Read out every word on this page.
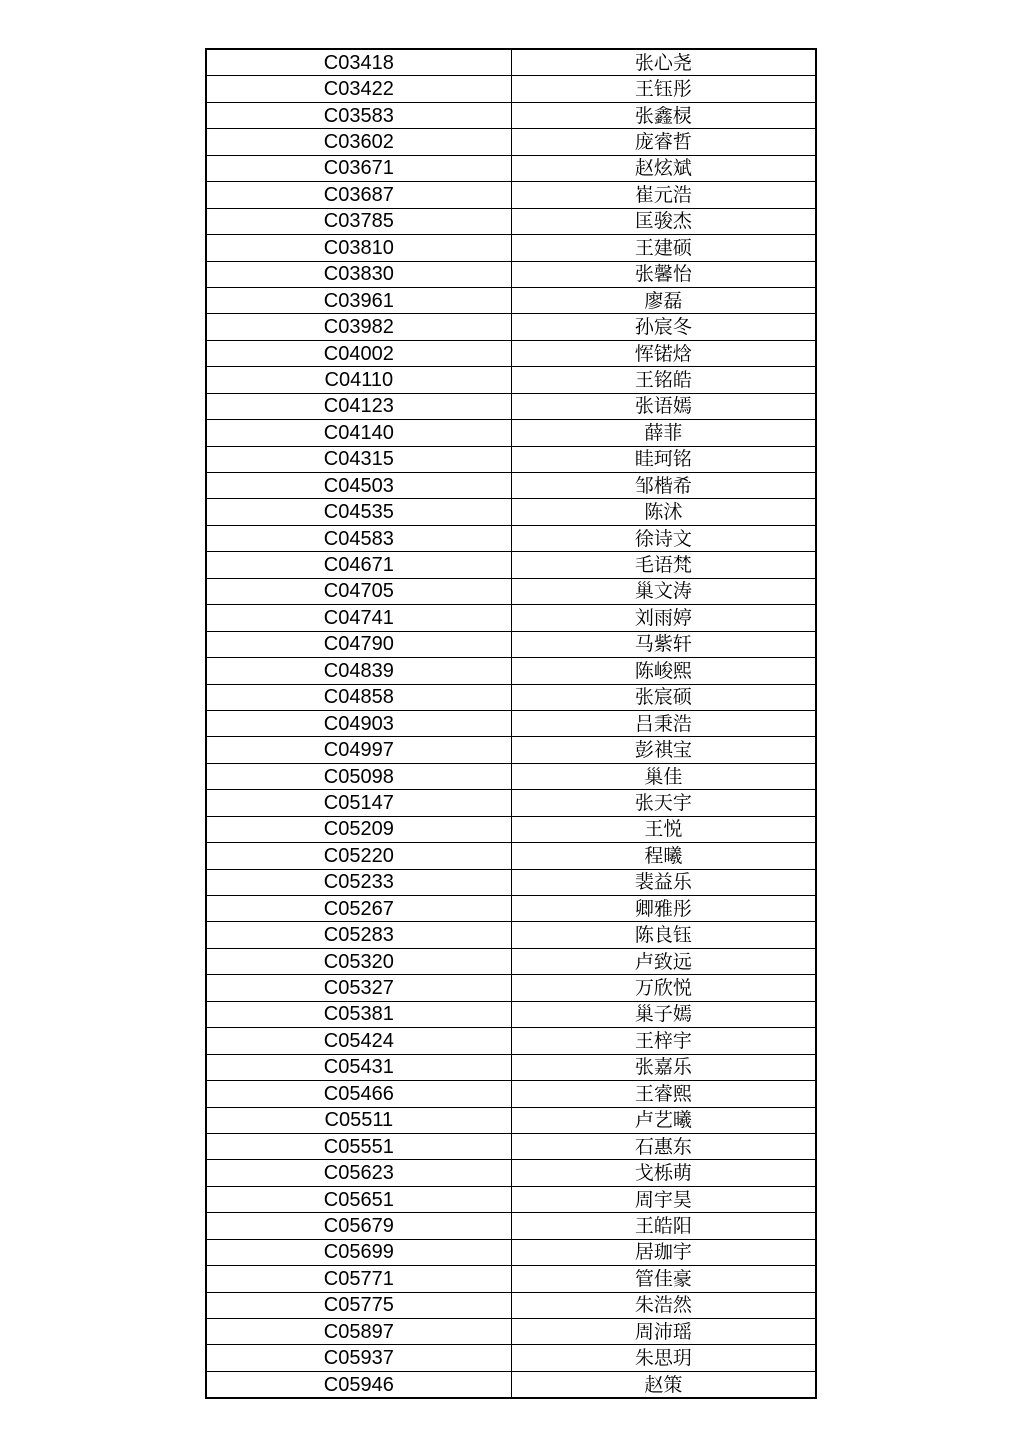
C03418	张心尧
C03422	王钰彤
C03583	张鑫棂
C03602	庞睿哲
C03671	赵炫斌
C03687	崔元浩
C03785	匡骏杰
C03810	王建硕
C03830	张馨怡
C03961	廖磊
C03982	孙宸冬
C04002	恽锘焓
C04110	王铭皓
C04123	张语嫣
C04140	薛菲
C04315	眭珂铭
C04503	邹楷希
C04535	陈沭
C04583	徐诗文
C04671	毛语梵
C04705	巢文涛
C04741	刘雨婷
C04790	马紫轩
C04839	陈峻熙
C04858	张宸硕
C04903	吕秉浩
C04997	彭祺宝
C05098	巢佳
C05147	张天宇
C05209	王悦
C05220	程曦
C05233	裴益乐
C05267	卿雅彤
C05283	陈良钰
C05320	卢致远
C05327	万欣悦
C05381	巢子嫣
C05424	王梓宇
C05431	张嘉乐
C05466	王睿熙
C05511	卢艺曦
C05551	石惠东
C05623	戈栎萌
C05651	周宇昊
C05679	王皓阳
C05699	居珈宇
C05771	管佳豪
C05775	朱浩然
C05897	周沛瑶
C05937	朱思玥
C05946	赵策
